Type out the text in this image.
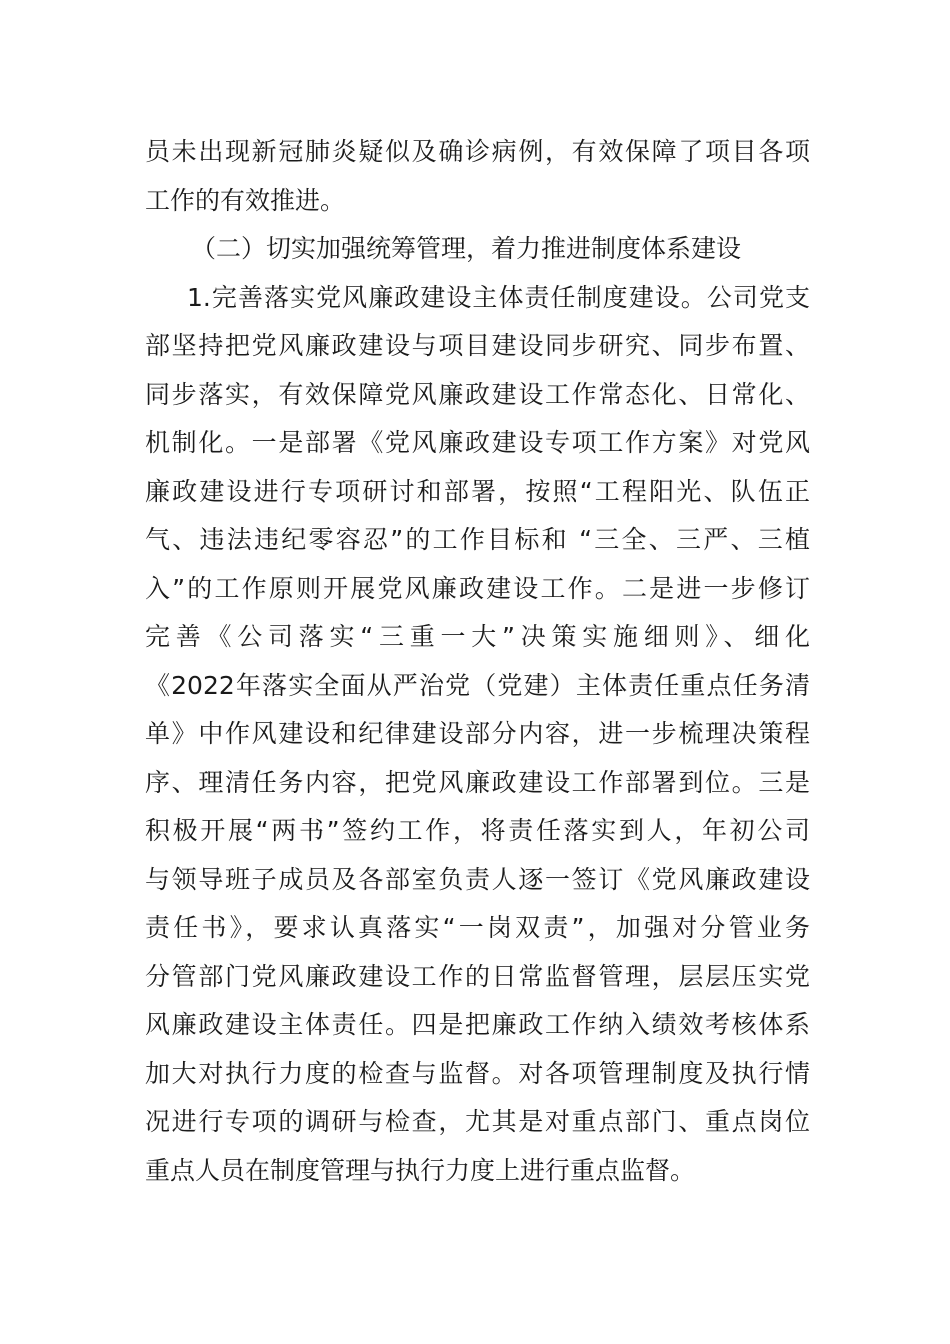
员未出现新冠肺炎疑似及确诊病例，有效保障了项目各项
工作的有效推进。
（二）切实加强统筹管理，着力推进制度体系建设
1.完善落实党风廉政建设主体责任制度建设。公司党支
部坚持把党风廉政建设与项目建设同步研究、同步布置、
同步落实，有效保障党风廉政建设工作常态化、日常化、
机制化。一是部署《党风廉政建设专项工作方案》对党风
廉政建设进行专项研讨和部署，按照“工程阳光、队伍正
气、违法违纪零容忍”的工作目标和 “三全、三严、三植
入”的工作原则开展党风廉政建设工作。二是进一步修订
完善《公司落实“三重一大”决策实施细则》、细化
《2022年落实全面从严治党（党建）主体责任重点任务清
单》中作风建设和纪律建设部分内容，进一步梳理决策程
序、理清任务内容，把党风廉政建设工作部署到位。三是
积极开展“两书”签约工作，将责任落实到人，年初公司
与领导班子成员及各部室负责人逐一签订《党风廉政建设
责任书》，要求认真落实“一岗双责”，加强对分管业务
分管部门党风廉政建设工作的日常监督管理，层层压实党
风廉政建设主体责任。四是把廉政工作纳入绩效考核体系
加大对执行力度的检查与监督。对各项管理制度及执行情
况进行专项的调研与检查，尤其是对重点部门、重点岗位
重点人员在制度管理与执行力度上进行重点监督。
